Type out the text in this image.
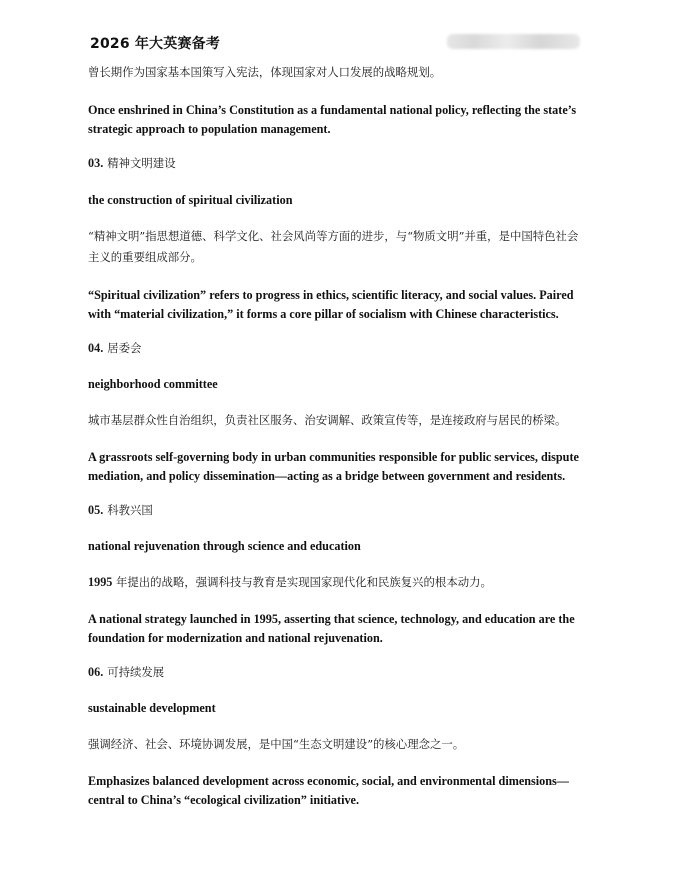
2026 年大英赛备考

曾长期作为国家基本国策写入宪法，体现国家对人口发展的战略规划。

Once enshrined in China’s Constitution as a fundamental national policy, reflecting the state’s strategic approach to population management.

03. 精神文明建设

the construction of spiritual civilization

“精神文明”指思想道德、科学文化、社会风尚等方面的进步，与“物质文明”并重，是中国特色社会主义的重要组成部分。

“Spiritual civilization” refers to progress in ethics, scientific literacy, and social values. Paired with “material civilization,” it forms a core pillar of socialism with Chinese characteristics.

04. 居委会

neighborhood committee

城市基层群众性自治组织，负责社区服务、治安调解、政策宣传等，是连接政府与居民的桥梁。

A grassroots self-governing body in urban communities responsible for public services, dispute mediation, and policy dissemination—acting as a bridge between government and residents.

05. 科教兴国

national rejuvenation through science and education

1995 年提出的战略，强调科技与教育是实现国家现代化和民族复兴的根本动力。

A national strategy launched in 1995, asserting that science, technology, and education are the foundation for modernization and national rejuvenation.

06. 可持续发展

sustainable development

强调经济、社会、环境协调发展，是中国“生态文明建设”的核心理念之一。

Emphasizes balanced development across economic, social, and environmental dimensions—central to China’s “ecological civilization” initiative.
